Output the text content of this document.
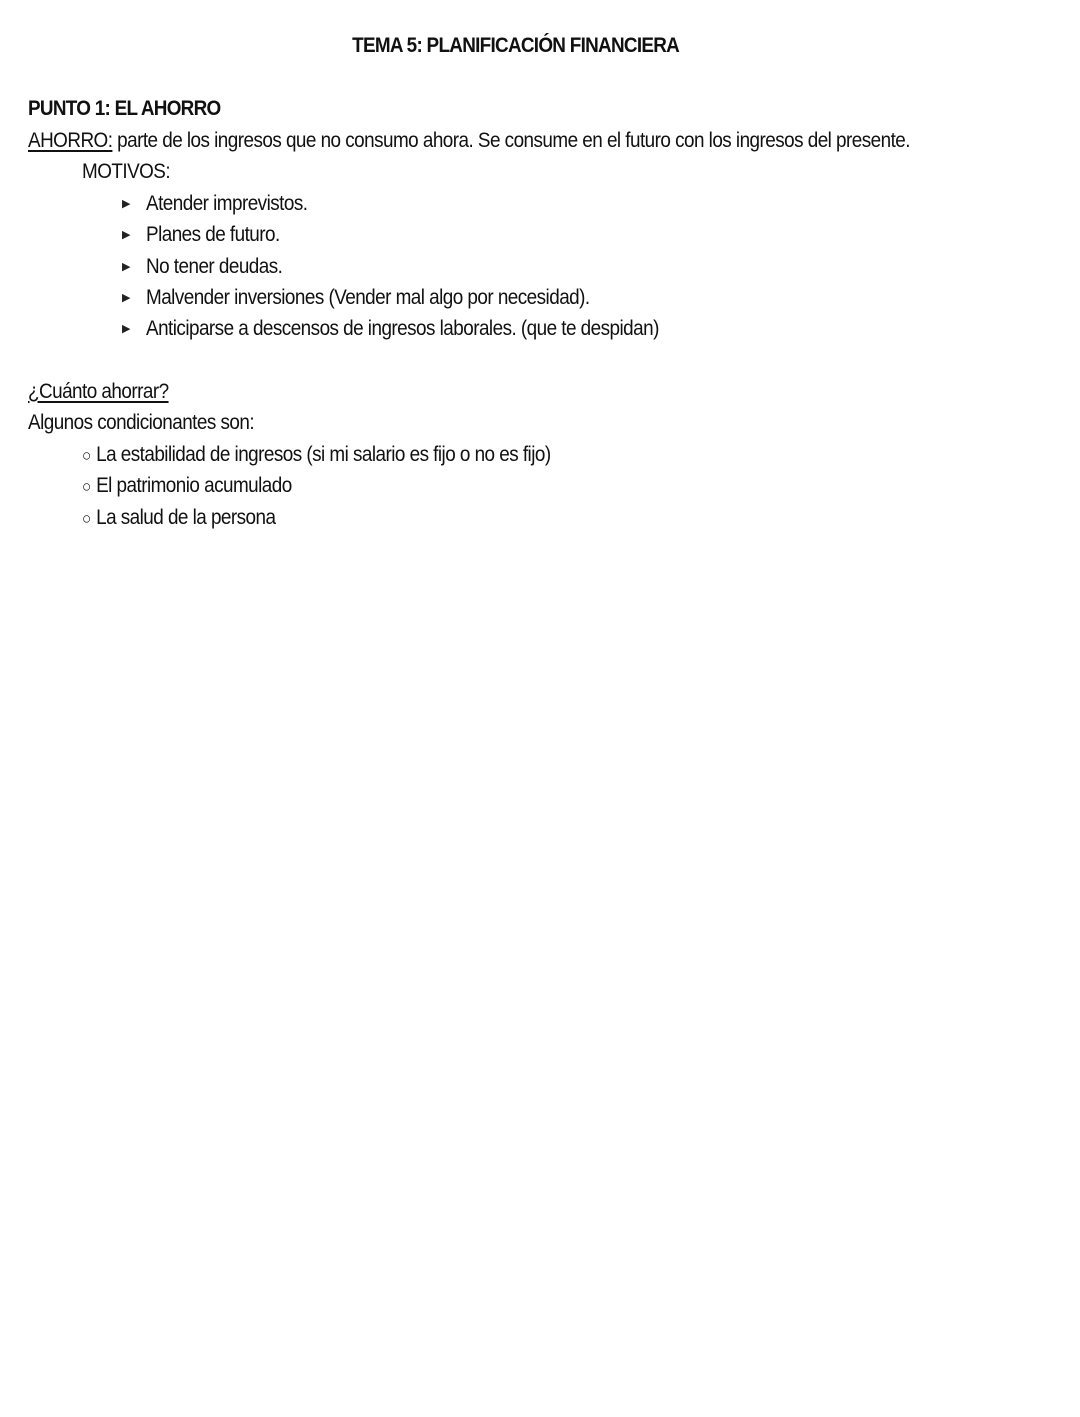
TEMA 5: PLANIFICACIÓN FINANCIERA
PUNTO 1: EL AHORRO
AHORRO: parte de los ingresos que no consumo ahora. Se consume en el futuro con los ingresos del presente.
MOTIVOS:
▶ Atender imprevistos.
▶ Planes de futuro.
▶ No tener deudas.
▶ Malvender inversiones (Vender mal algo por necesidad).
▶ Anticiparse a descensos de ingresos laborales. (que te despidan)
¿Cuánto ahorrar?
Algunos condicionantes son:
○ La estabilidad de ingresos (si mi salario es fijo o no es fijo)
○ El patrimonio acumulado
○ La salud de la persona
